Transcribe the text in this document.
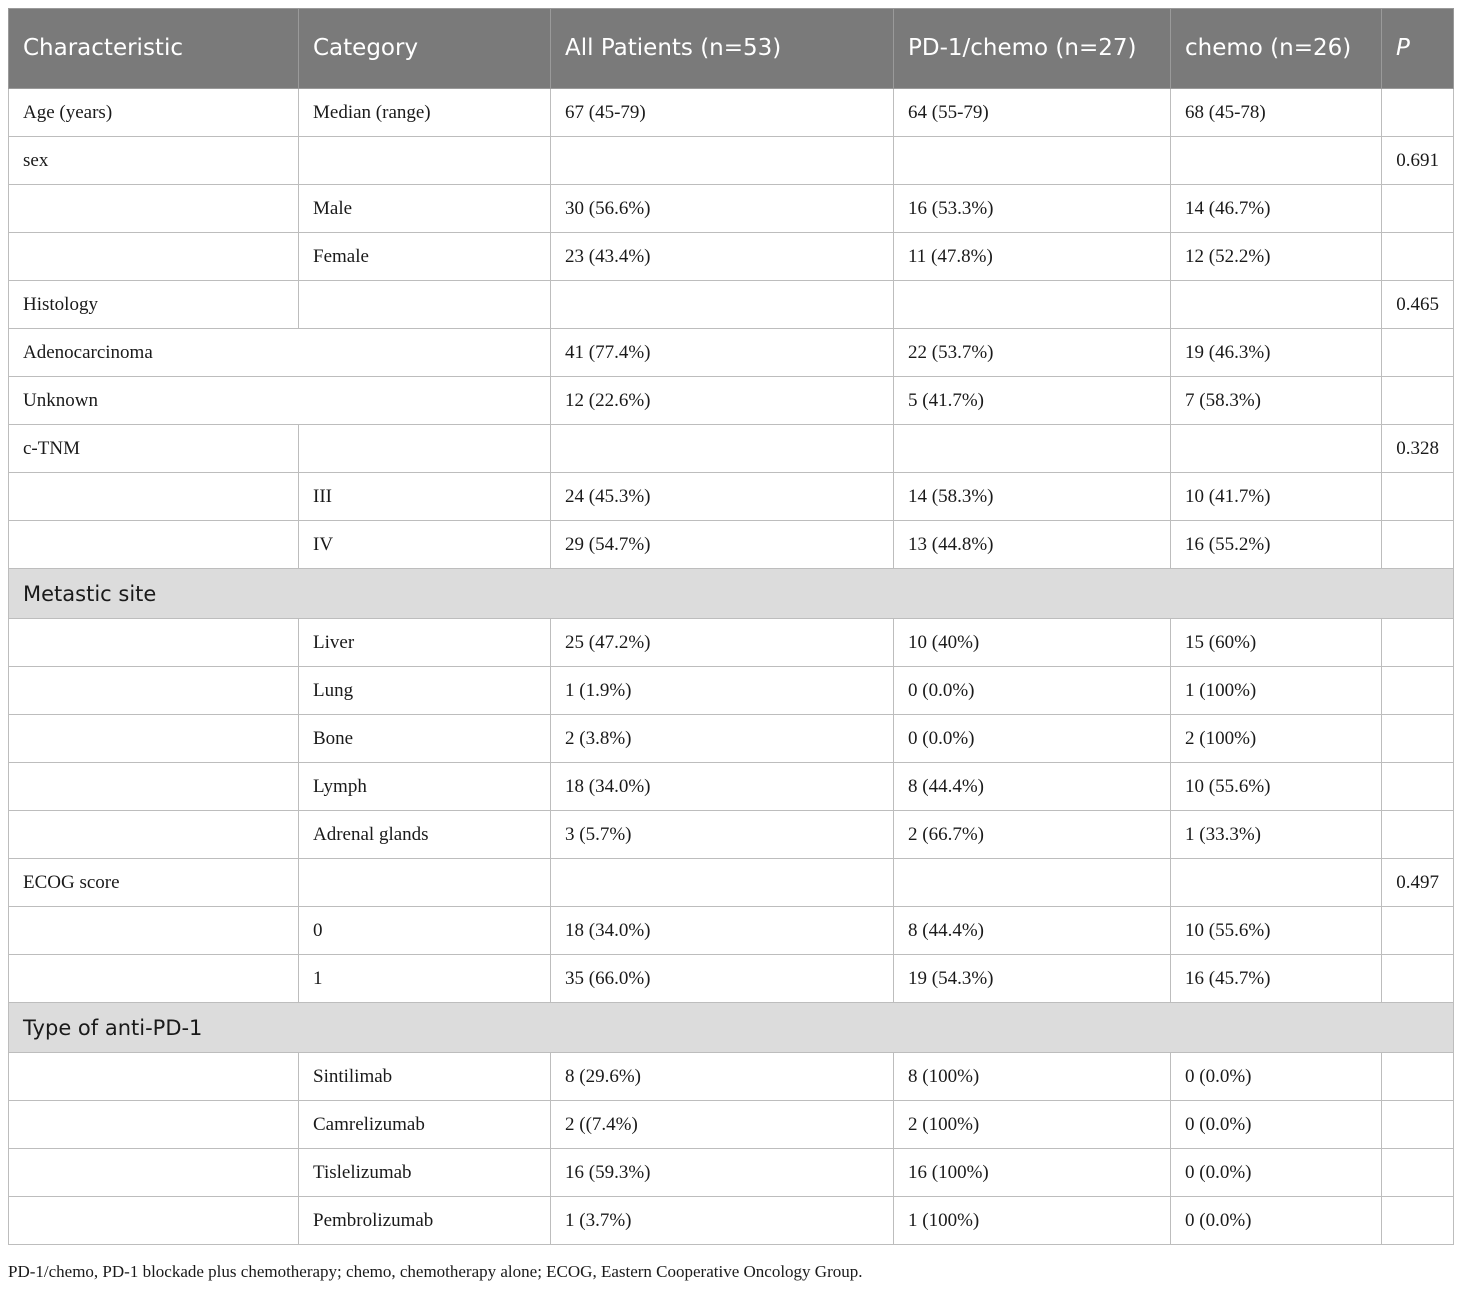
Characteristic	Category	All Patients (n=53)	PD-1/chemo (n=27)	chemo (n=26)	P
Age (years)	Median (range)	67 (45-79)	64 (55-79)	68 (45-78)	
sex					0.691
	Male	30 (56.6%)	16 (53.3%)	14 (46.7%)	
	Female	23 (43.4%)	11 (47.8%)	12 (52.2%)	
Histology					0.465
Adenocarcinoma		41 (77.4%)	22 (53.7%)	19 (46.3%)	
Unknown		12 (22.6%)	5 (41.7%)	7 (58.3%)	
c-TNM					0.328
	III	24 (45.3%)	14 (58.3%)	10 (41.7%)	
	IV	29 (54.7%)	13 (44.8%)	16 (55.2%)	
Metastic site					
	Liver	25 (47.2%)	10 (40%)	15 (60%)	
	Lung	1 (1.9%)	0 (0.0%)	1 (100%)	
	Bone	2 (3.8%)	0 (0.0%)	2 (100%)	
	Lymph	18 (34.0%)	8 (44.4%)	10 (55.6%)	
	Adrenal glands	3 (5.7%)	2 (66.7%)	1 (33.3%)	
ECOG score					0.497
	0	18 (34.0%)	8 (44.4%)	10 (55.6%)	
	1	35 (66.0%)	19 (54.3%)	16 (45.7%)	
Type of anti-PD-1					
	Sintilimab	8 (29.6%)	8 (100%)	0 (0.0%)	
	Camrelizumab	2 ((7.4%)	2 (100%)	0 (0.0%)	
	Tislelizumab	16 (59.3%)	16 (100%)	0 (0.0%)	
	Pembrolizumab	1 (3.7%)	1 (100%)	0 (0.0%)	
PD-1/chemo, PD-1 blockade plus chemotherapy; chemo, chemotherapy alone; ECOG, Eastern Cooperative Oncology Group.
